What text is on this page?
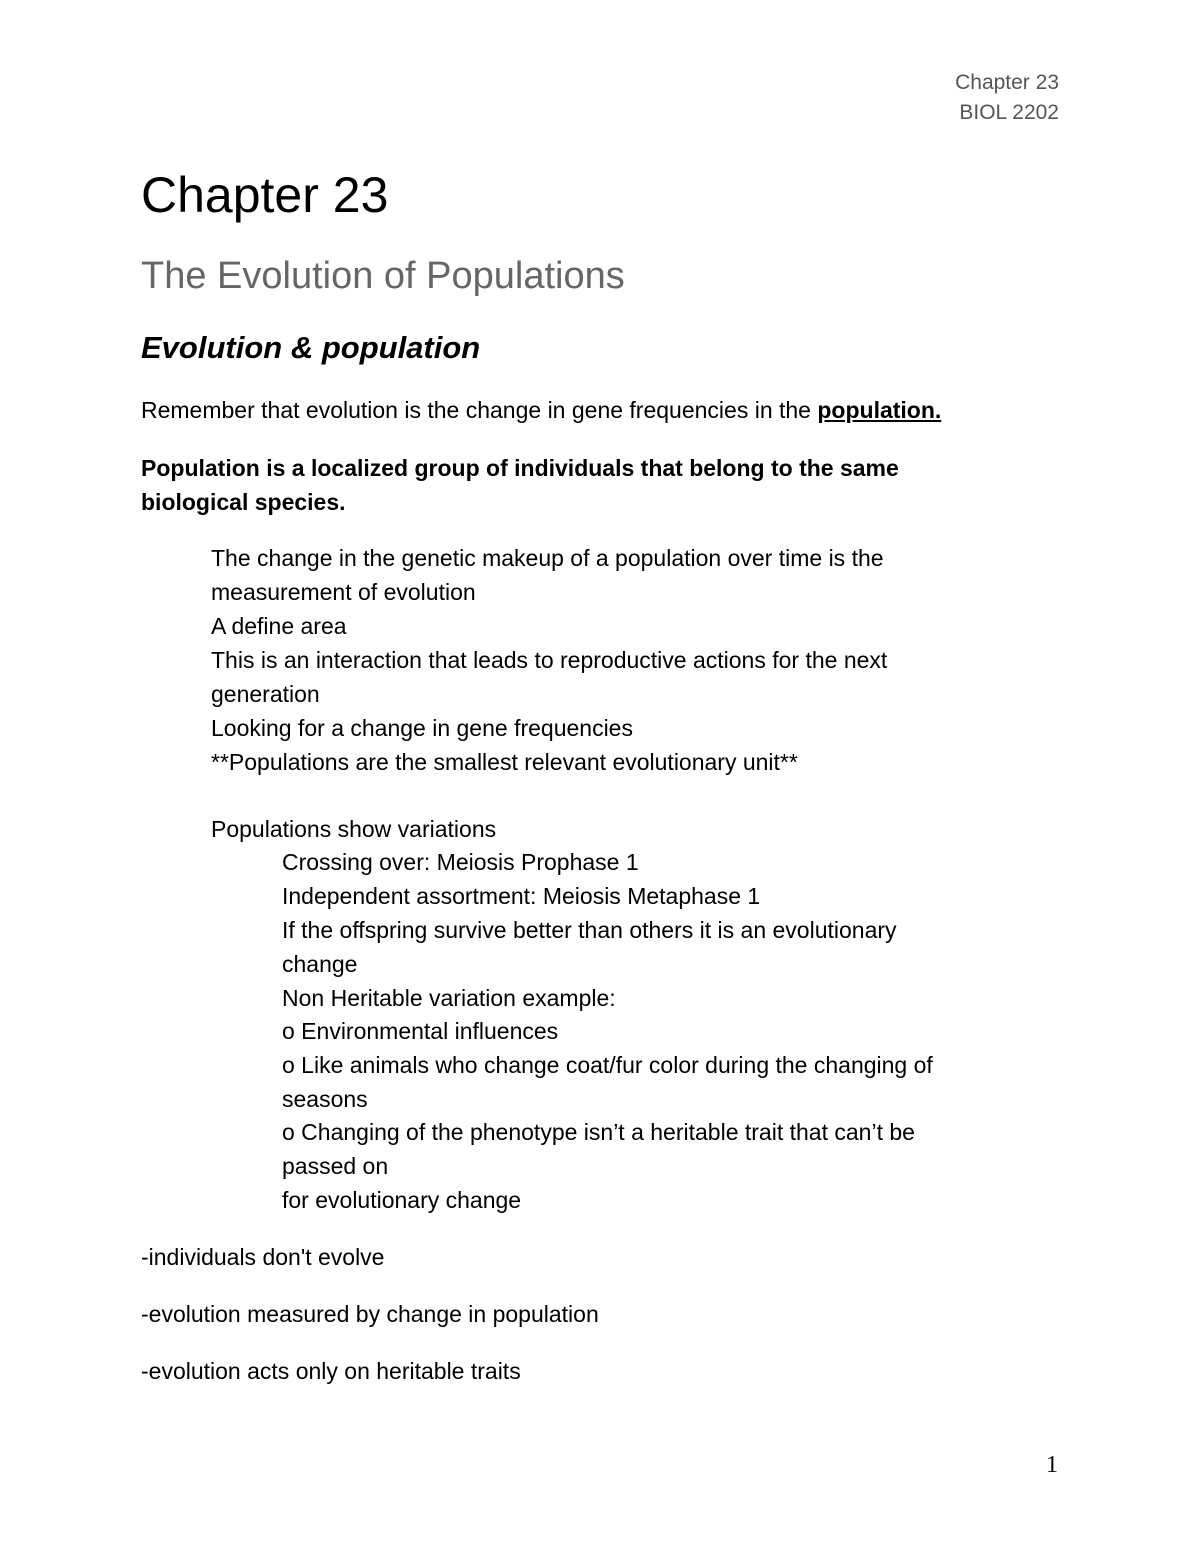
Chapter 23
BIOL 2202
Chapter 23
The Evolution of Populations
Evolution & population
Remember that evolution is the change in gene frequencies in the population.
Population is a localized group of individuals that belong to the same
biological species.
The change in the genetic makeup of a population over time is the
measurement of evolution
A define area
This is an interaction that leads to reproductive actions for the next
generation
Looking for a change in gene frequencies
**Populations are the smallest relevant evolutionary unit**
Populations show variations
Crossing over: Meiosis Prophase 1
Independent assortment: Meiosis Metaphase 1
If the offspring survive better than others it is an evolutionary
change
Non Heritable variation example:
o Environmental influences
o Like animals who change coat/fur color during the changing of
seasons
o Changing of the phenotype isn’t a heritable trait that can’t be
passed on
for evolutionary change
-individuals don't evolve
-evolution measured by change in population
-evolution acts only on heritable traits
1
